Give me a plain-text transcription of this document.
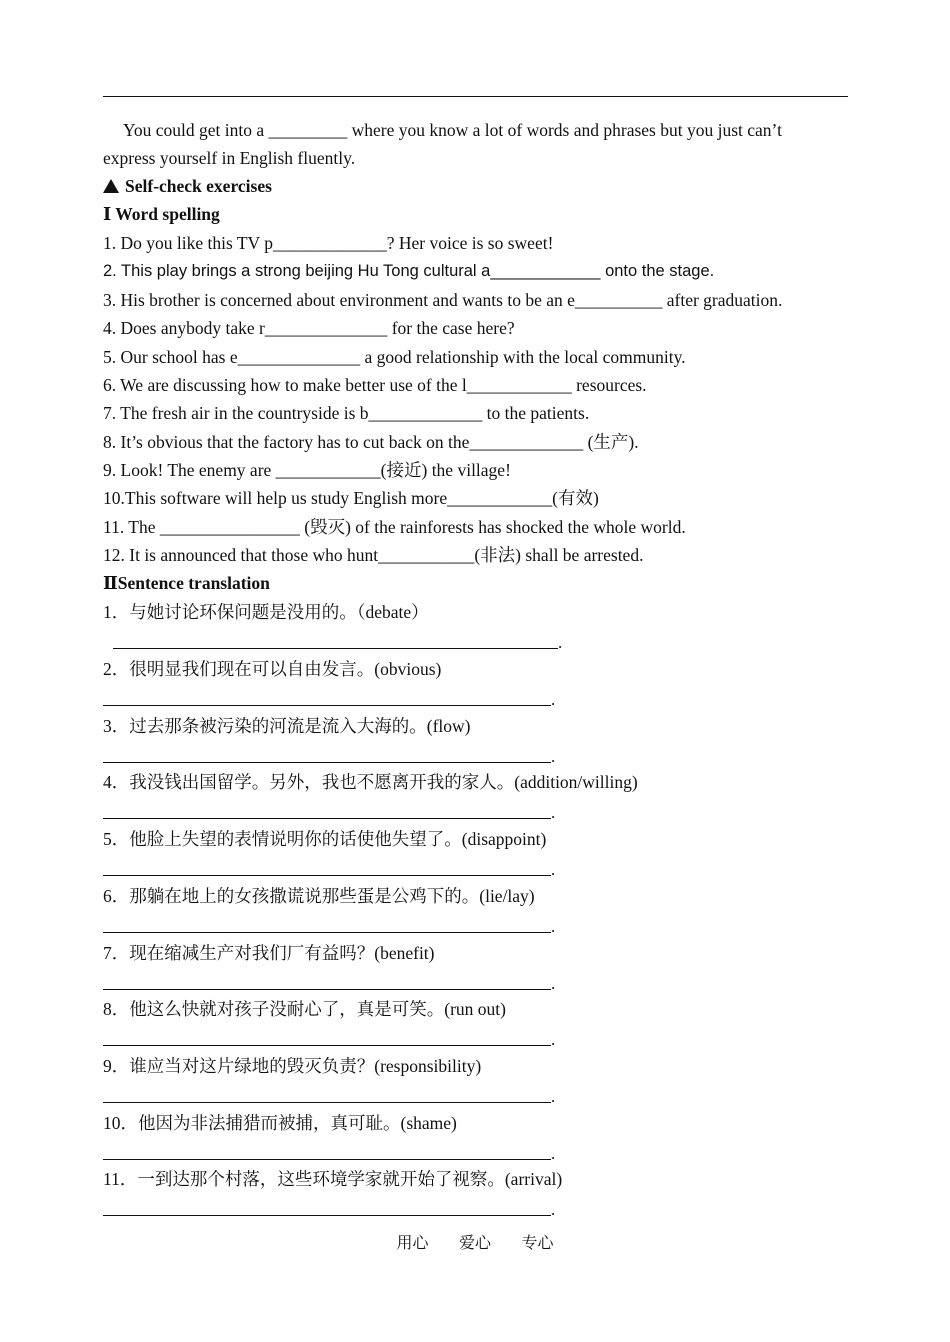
You could get into a _________ where you know a lot of words and phrases but you just can’t
express yourself in English fluently.
Self-check exercises
Ⅰ Word spelling
1. Do you like this TV p_____________? Her voice is so sweet!
2. This play brings a strong beijing Hu Tong cultural a____________ onto the stage.
3. His brother is concerned about environment and wants to be an e__________ after graduation.
4. Does anybody take r______________ for the case here?
5. Our school has e______________ a good relationship with the local community.
6. We are discussing how to make better use of the l____________ resources.
7. The fresh air in the countryside is b_____________ to the patients.
8. It’s obvious that the factory has to cut back on the_____________ (生产).
9. Look! The enemy are ____________(接近) the village!
10.This software will help us study English more____________(有效)
11. The ________________ (毁灭) of the rainforests has shocked the whole world.
12. It is announced that those who hunt___________(非法) shall be arrested.
ⅡSentence translation
1．与她讨论环保问题是没用的。（debate）
.
2．很明显我们现在可以自由发言。(obvious)
.
3．过去那条被污染的河流是流入大海的。(flow)
.
4．我没钱出国留学。另外，我也不愿离开我的家人。(addition/willing)
.
5．他脸上失望的表情说明你的话使他失望了。(disappoint)
.
6．那躺在地上的女孩撒谎说那些蛋是公鸡下的。(lie/lay)
.
7．现在缩减生产对我们厂有益吗？(benefit)
.
8．他这么快就对孩子没耐心了，真是可笑。(run out)
.
9．谁应当对这片绿地的毁灭负责？(responsibility)
.
10．他因为非法捕猎而被捕，真可耻。(shame)
.
11．一到达那个村落，这些环境学家就开始了视察。(arrival)
.
用心      爱心      专心
